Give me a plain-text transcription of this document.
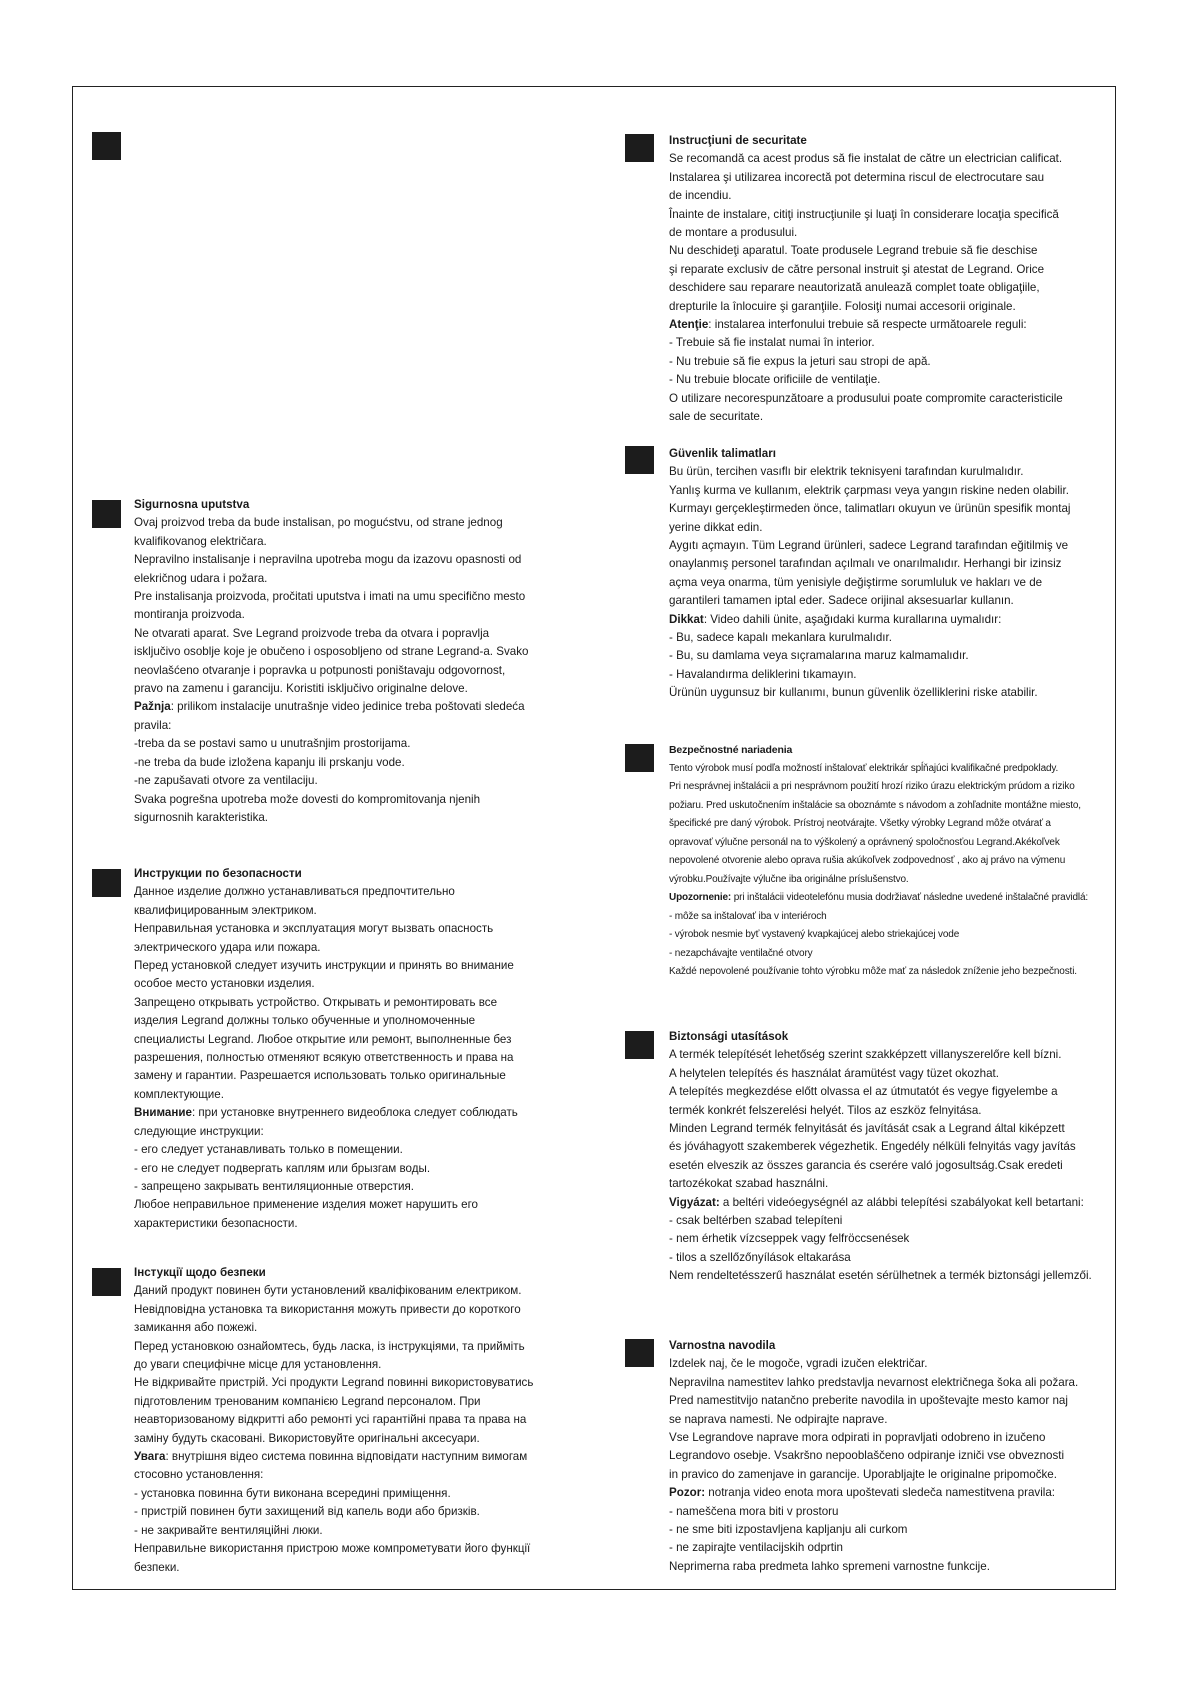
Instrucţiuni de securitate

Se recomandă ca acest produs să fie instalat de către un electrician calificat.

Instalarea şi utilizarea incorectă pot determina riscul de electrocutare sau

de incendiu.

Înainte de instalare, citiţi instrucţiunile şi luaţi în considerare locaţia specifică

de montare a produsului.

Nu deschideţi aparatul. Toate produsele Legrand trebuie să fie deschise

şi reparate exclusiv de către personal instruit şi atestat de Legrand. Orice

deschidere sau reparare neautorizată anulează complet toate obligaţiile,

drepturile la înlocuire şi garanţiile. Folosiţi numai accesorii originale.

Atenţie: instalarea interfonului trebuie să respecte următoarele reguli:

- Trebuie să fie instalat numai în interior.

- Nu trebuie să fie expus la jeturi sau stropi de apă.

- Nu trebuie blocate orificiile de ventilaţie.

O utilizare necorespunzătoare a produsului poate compromite caracteristicile

sale de securitate.

Güvenlik talimatları

Bu ürün, tercihen vasıflı bir elektrik teknisyeni tarafından kurulmalıdır.

Yanlış kurma ve kullanım, elektrik çarpması veya yangın riskine neden olabilir.

Kurmayı gerçekleştirmeden önce, talimatları okuyun ve ürünün spesifik montaj

yerine dikkat edin.

Aygıtı açmayın. Tüm Legrand ürünleri, sadece Legrand tarafından eğitilmiş ve

onaylanmış personel tarafından açılmalı ve onarılmalıdır. Herhangi bir izinsiz

açma veya onarma, tüm yenisiyle değiştirme sorumluluk ve hakları ve de

garantileri tamamen iptal eder. Sadece orijinal aksesuarlar kullanın.

Dikkat: Video dahili ünite, aşağıdaki kurma kurallarına uymalıdır:

- Bu, sadece kapalı mekanlara kurulmalıdır.

- Bu, su damlama veya sıçramalarına maruz kalmamalıdır.

- Havalandırma deliklerini tıkamayın.

Ürünün uygunsuz bir kullanımı, bunun güvenlik özelliklerini riske atabilir.

Bezpečnostné nariadenia

Tento výrobok musí podľa možností inštalovať elektrikár spĺňajúci kvalifikačné predpoklady.

Pri nesprávnej inštalácii a pri nesprávnom použití hrozí riziko úrazu elektrickým prúdom a riziko

požiaru. Pred uskutočnením inštalácie sa oboznámte s návodom a zohľadnite montážne miesto,

špecifické pre daný výrobok. Prístroj neotvárajte. Všetky výrobky Legrand môže otvárať a

opravovať výlučne personál na to výškolený a oprávnený spoločnosťou Legrand.Akékoľvek

nepovolené otvorenie alebo oprava rušia akúkoľvek zodpovednosť , ako aj právo na výmenu

výrobku.Používajte výlučne iba originálne príslušenstvo.

Upozornenie: pri inštalácii videotelefónu musia dodržiavať následne uvedené inštalačné pravidlá:

- môže sa inštalovať iba v interiéroch

- výrobok nesmie byť vystavený kvapkajúcej alebo striekajúcej vode

- nezapchávajte ventilačné otvory

Každé nepovolené používanie tohto výrobku môže mať za následok zníženie jeho bezpečnosti.

Biztonsági utasítások

A termék telepítését lehetőség szerint szakképzett villanyszerelőre kell bízni.

A helytelen telepítés és használat áramütést vagy tüzet okozhat.

A telepítés megkezdése előtt olvassa el az útmutatót és vegye figyelembe a

termék konkrét felszerelési helyét. Tilos az eszköz felnyitása.

Minden Legrand termék felnyitását és javítását csak a Legrand által kiképzett

és jóváhagyott szakemberek végezhetik. Engedély nélküli felnyitás vagy javítás

esetén elveszik az összes garancia és cserére való jogosultság.Csak eredeti

tartozékokat szabad használni.

Vigyázat: a beltéri videóegységnél az alábbi telepítési szabályokat kell betartani:

- csak beltérben szabad telepíteni

- nem érhetik vízcseppek vagy felfröccsenések

- tilos a szellőzőnyílások eltakarása

Nem rendeltetésszerű használat esetén sérülhetnek a termék biztonsági jellemzői.

Varnostna navodila

Izdelek naj, če le mogoče, vgradi izučen električar.

Nepravilna namestitev lahko predstavlja nevarnost električnega šoka ali požara.

Pred namestitvijo natančno preberite navodila in upoštevajte mesto kamor naj

se naprava namesti. Ne odpirajte naprave.

Vse Legrandove naprave mora odpirati in popravljati odobreno in izučeno

Legrandovo osebje. Vsakršno nepooblaščeno odpiranje izniči vse obveznosti

in pravico do zamenjave in garancije. Uporabljajte le originalne pripomočke.

Pozor: notranja video enota mora upoštevati sledeča namestitvena pravila:

- nameščena mora biti v prostoru

- ne sme biti izpostavljena kapljanju ali curkom

- ne zapirajte ventilacijskih odprtin

Neprimerna raba predmeta lahko spremeni varnostne funkcije.

Sigurnosna uputstva

Ovaj proizvod treba da bude instalisan, po mogućstvu, od strane jednog

kvalifikovanog električara.

Nepravilno instalisanje i nepravilna upotreba mogu da izazovu opasnosti od

elekričnog udara i požara.

Pre instalisanja proizvoda, pročitati uputstva i imati na umu specifično mesto

montiranja proizvoda.

Ne otvarati aparat. Sve Legrand proizvode treba da otvara i popravlja

isključivo osoblje koje je obučeno i osposobljeno od strane Legrand-a. Svako

neovlašćeno otvaranje i popravka u potpunosti poništavaju odgovornost,

pravo na zamenu i garanciju. Koristiti isključivo originalne delove.

Pažnja: prilikom instalacije unutrašnje video jedinice treba poštovati sledeća

pravila:

-treba da se postavi samo u unutrašnjim prostorijama.

-ne treba da bude izložena kapanju ili prskanju vode.

-ne zapušavati otvore za ventilaciju.

Svaka pogrešna upotreba može dovesti do kompromitovanja njenih

sigurnosnih karakteristika.

Инструкции по безопасности

Данное изделие должно устанавливаться предпочтительно

квалифицированным электриком.

Неправильная установка и эксплуатация могут вызвать опасность

электрического удара или пожара.

Перед установкой следует изучить инструкции и принять во внимание

особое место установки изделия.

Запрещено открывать устройство. Открывать и ремонтировать все

изделия Legrand должны только обученные и уполномоченные

специалисты Legrand. Любое открытие или ремонт, выполненные без

разрешения, полностью отменяют всякую ответственность и права на

замену и гарантии. Разрешается использовать только оригинальные

комплектующие.

Внимание: при установке внутреннего видеоблока следует соблюдать

следующие инструкции:

- его следует устанавливать только в помещении.

- его не следует подвергать каплям или брызгам воды.

- запрещено закрывать вентиляционные отверстия.

Любое неправильное применение изделия может нарушить его

характеристики безопасности.

Інстукції щодо безпеки

Даний продукт повинен бути установлений кваліфікованим електриком.

Невідповідна установка та використання можуть привести до короткого

замикання або пожежі.

Перед установкою ознайомтесь, будь ласка, із інструкціями, та прийміть

до уваги специфічне місце для установлення.

Не відкривайте пристрій. Усі продукти Legrand повинні використовуватись

підготовленим тренованим компанією Legrand персоналом. При

неавторизованому відкритті або ремонті усі гарантійні права та права на

заміну будуть скасовані. Використовуйте оригінальні аксесуари.

Увага: внутрішня відео система повинна відповідати наступним вимогам

стосовно установлення:

- установка повинна бути виконана всередині приміщення.

- пристрій повинен бути захищений від капель води або бризків.

- не закривайте вентиляційні люки.

Неправильне використання пристрою може компрометувати його функції

безпеки.
